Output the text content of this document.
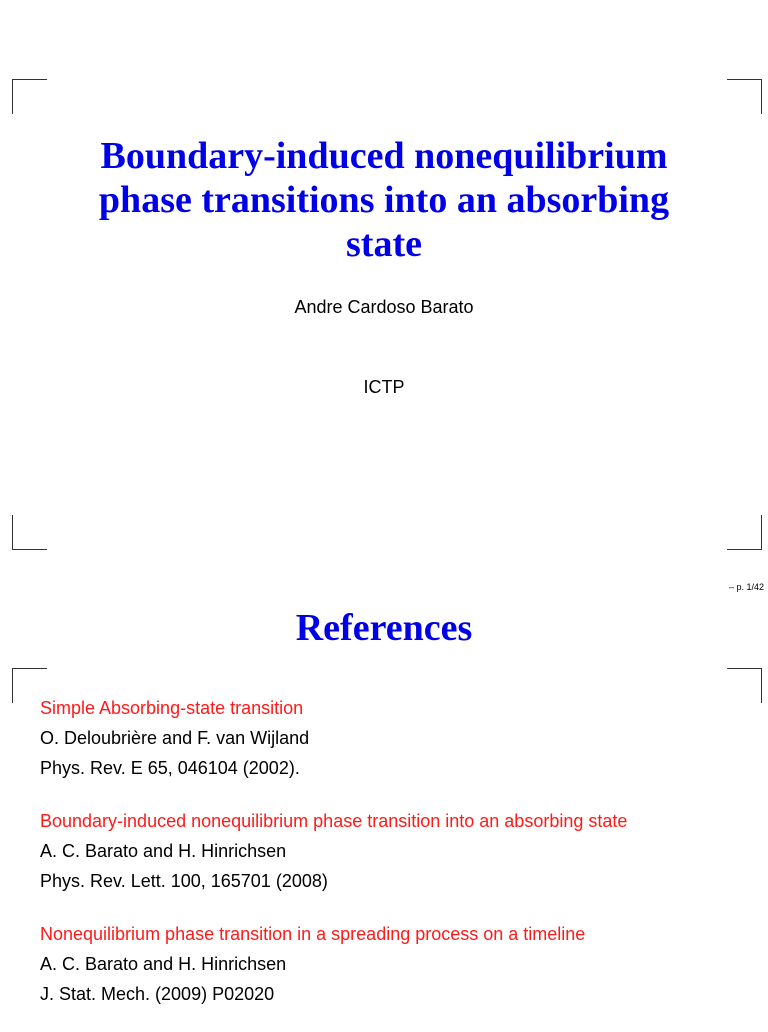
Boundary-induced nonequilibrium
phase transitions into an absorbing
state
Andre Cardoso Barato
ICTP
– p. 1/42
References
Simple Absorbing-state transition
O. Deloubrière and F. van Wijland
Phys. Rev. E 65, 046104 (2002).
Boundary-induced nonequilibrium phase transition into an absorbing state
A. C. Barato and H. Hinrichsen
Phys. Rev. Lett. 100, 165701 (2008)
Nonequilibrium phase transition in a spreading process on a timeline
A. C. Barato and H. Hinrichsen
J. Stat. Mech. (2009) P02020
